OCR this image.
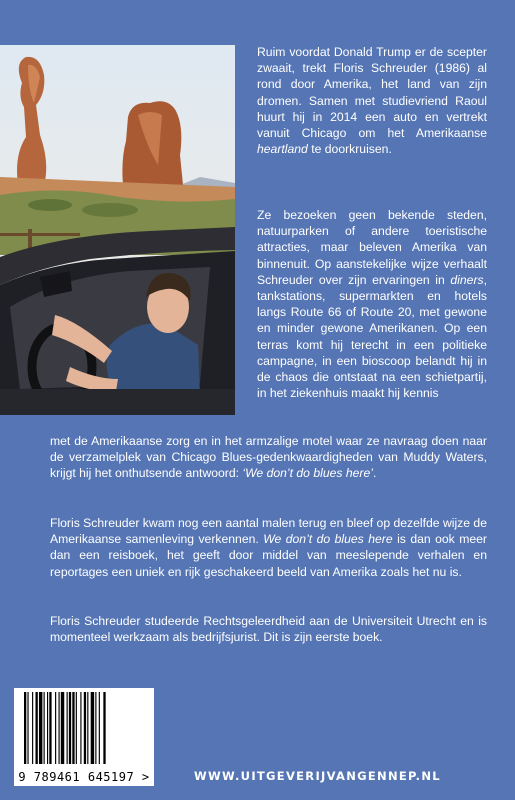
Ruim voordat Donald Trump er de scepter zwaait, trekt Floris Schreuder (1986) al rond door Amerika, het land van zijn dromen. Samen met studievriend Raoul huurt hij in 2014 een auto en vertrekt vanuit Chicago om het Amerikaanse heartland te doorkruisen.

Ze bezoeken geen bekende steden, natuurparken of andere toeristische attracties, maar beleven Amerika van binnenuit. Op aanstekelijke wijze verhaalt Schreuder over zijn ervaringen in diners, tankstations, supermarkten en hotels langs Route 66 of Route 20, met gewone en minder gewone Amerikanen. Op een terras komt hij terecht in een politieke campagne, in een bioscoop belandt hij in de chaos die ontstaat na een schietpartij, in het ziekenhuis maakt hij kennis

met de Amerikaanse zorg en in het armzalige motel waar ze navraag doen naar de verzamelplek van Chicago Blues-gedenkwaardigheden van Muddy Waters, krijgt hij het onthutsende antwoord: ‘We don’t do blues here’.

Floris Schreuder kwam nog een aantal malen terug en bleef op dezelfde wijze de Amerikaanse samenleving verkennen. We don’t do blues here is dan ook meer dan een reisboek, het geeft door middel van meeslepende verhalen en reportages een uniek en rijk geschakeerd beeld van Amerika zoals het nu is.

Floris Schreuder studeerde Rechtsgeleerdheid aan de Universiteit Utrecht en is momenteel werkzaam als bedrijfsjurist. Dit is zijn eerste boek.

9 789461 645197 >	WWW.UITGEVERIJVANGENNEP.NL
